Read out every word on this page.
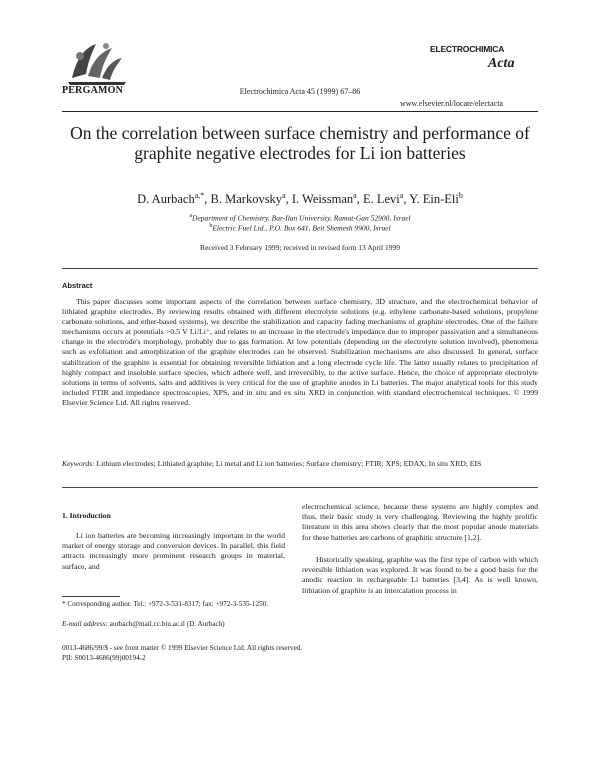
PERGAMON	Electrochimica Acta 45 (1999) 67–86
ELECTROCHIMICA
Acta
www.elsevier.nl/locate/electacta
On the correlation between surface chemistry and performance of graphite negative electrodes for Li ion batteries
D. Aurbach$^{a,*}$, B. Markovsky$^a$, I. Weissman$^a$, E. Levi$^a$, Y. Ein-Eli$^b$
$^a$Department of Chemistry, Bar-Ilan University, Ramat-Gan 52900, Israel
$^b$Electric Fuel Ltd., P.O. Box 641, Beit Shemesh 9900, Israel
Received 3 February 1999; received in revised form 13 April 1999
Abstract
This paper discusses some important aspects of the correlation between surface chemistry, 3D structure, and the electrochemical behavior of lithiated graphite electrodes. By reviewing results obtained with different electrolyte solutions (e.g. ethylene carbonate-based solutions, propylene carbonate solutions, and ether-based systems), we describe the stabilization and capacity fading mechanisms of graphite electrodes. One of the failure mechanisms occurs at potentials >0.5 V Li/Li⁺, and relates to an increase in the electrode's impedance due to improper passivation and a simultaneous change in the electrode's morphology, probably due to gas formation. At low potentials (depending on the electrolyte solution involved), phenomena such as exfoliation and amorphization of the graphite electrodes can be observed. Stabilization mechanisms are also discussed. In general, surface stabilization of the graphite is essential for obtaining reversible lithiation and a long electrode cycle life. The latter usually relates to precipitation of highly compact and insoluble surface species, which adhere well, and irreversibly, to the active surface. Hence, the choice of appropriate electrolyte solutions in terms of solvents, salts and additives is very critical for the use of graphite anodes in Li batteries. The major analytical tools for this study included FTIR and impedance spectroscopies, XPS, and in situ and ex situ XRD in conjunction with standard electrochemical techniques. © 1999 Elsevier Science Ltd. All rights reserved.
Keywords: Lithium electrodes; Lithiated graphite; Li metal and Li ion batteries; Surface chemistry; FTIR; XPS; EDAX; In situ XRD; EIS
1. Introduction
Li ion batteries are becoming increasingly important in the world market of energy storage and conversion devices. In parallel, this field attracts increasingly more prominent research groups in material, surface, and
* Corresponding author. Tel.: +972-3-531-8317; fax: +972-3-535-1250.
E-mail address: aurbach@mail.cc.biu.ac.il (D. Aurbach)
electrochemical science, because these systems are highly complex and thus, their basic study is very challenging. Reviewing the highly prolific literature in this area shows clearly that the most popular anode materials for these batteries are carbons of graphitic structure [1,2].
Historically speaking, graphite was the first type of carbon with which reversible lithiation was explored. It was found to be a good basis for the anodic reaction in rechargeable Li batteries [3,4]. As is well known, lithiation of graphite is an intercalation process in
0013-4686/99/$ - see front matter © 1999 Elsevier Science Ltd. All rights reserved.
PII: S0013-4686(99)00194-2
